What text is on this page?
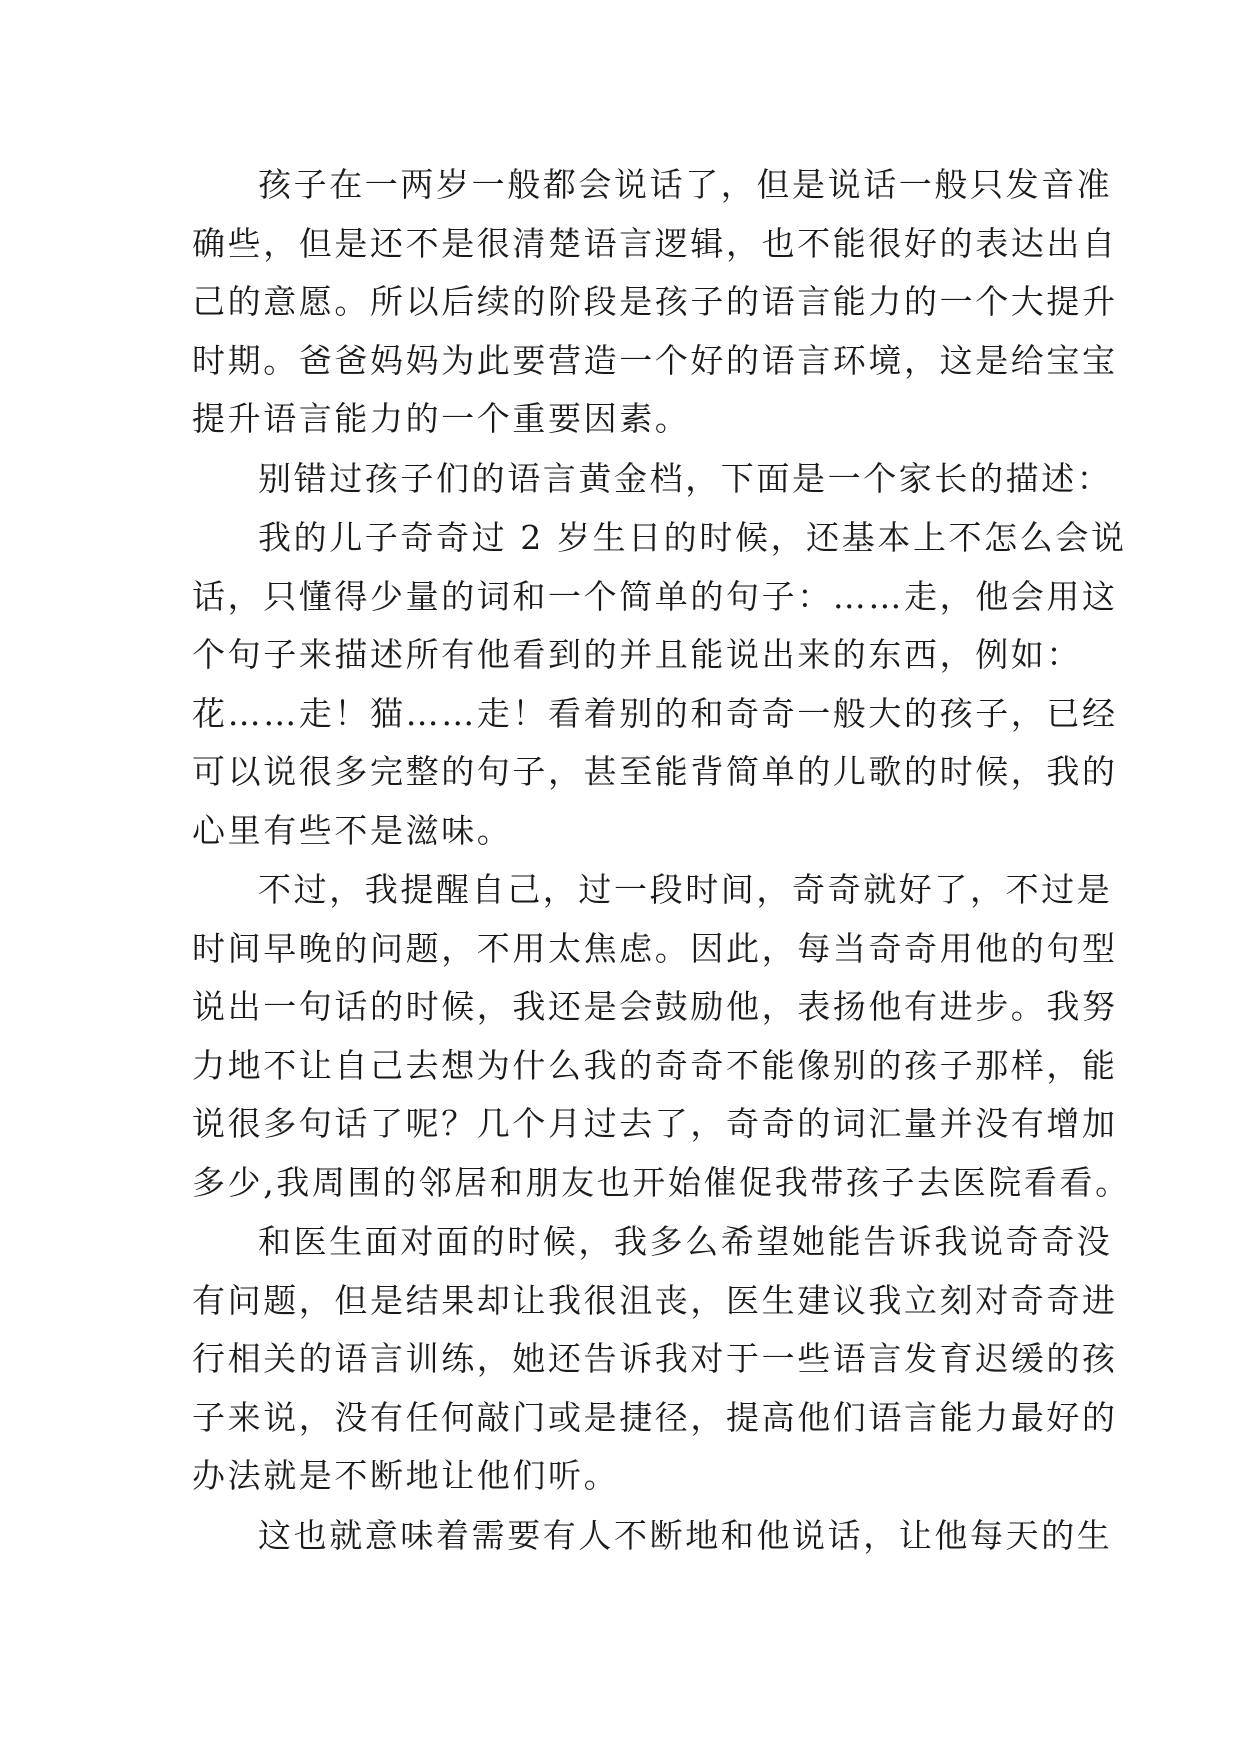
孩子在一两岁一般都会说话了，但是说话一般只发音准
确些，但是还不是很清楚语言逻辑，也不能很好的表达出自
己的意愿。所以后续的阶段是孩子的语言能力的一个大提升
时期。爸爸妈妈为此要营造一个好的语言环境，这是给宝宝
提升语言能力的一个重要因素。
别错过孩子们的语言黄金档，下面是一个家长的描述：
我的儿子奇奇过 2 岁生日的时候，还基本上不怎么会说
话，只懂得少量的词和一个简单的句子：……走，他会用这
个句子来描述所有他看到的并且能说出来的东西，例如：
花……走！猫……走！看着别的和奇奇一般大的孩子，已经
可以说很多完整的句子，甚至能背简单的儿歌的时候，我的
心里有些不是滋味。
不过，我提醒自己，过一段时间，奇奇就好了，不过是
时间早晚的问题，不用太焦虑。因此，每当奇奇用他的句型
说出一句话的时候，我还是会鼓励他，表扬他有进步。我努
力地不让自己去想为什么我的奇奇不能像别的孩子那样，能
说很多句话了呢？几个月过去了，奇奇的词汇量并没有增加
多少,我周围的邻居和朋友也开始催促我带孩子去医院看看。
和医生面对面的时候，我多么希望她能告诉我说奇奇没
有问题，但是结果却让我很沮丧，医生建议我立刻对奇奇进
行相关的语言训练，她还告诉我对于一些语言发育迟缓的孩
子来说，没有任何敲门或是捷径，提高他们语言能力最好的
办法就是不断地让他们听。
这也就意味着需要有人不断地和他说话，让他每天的生
